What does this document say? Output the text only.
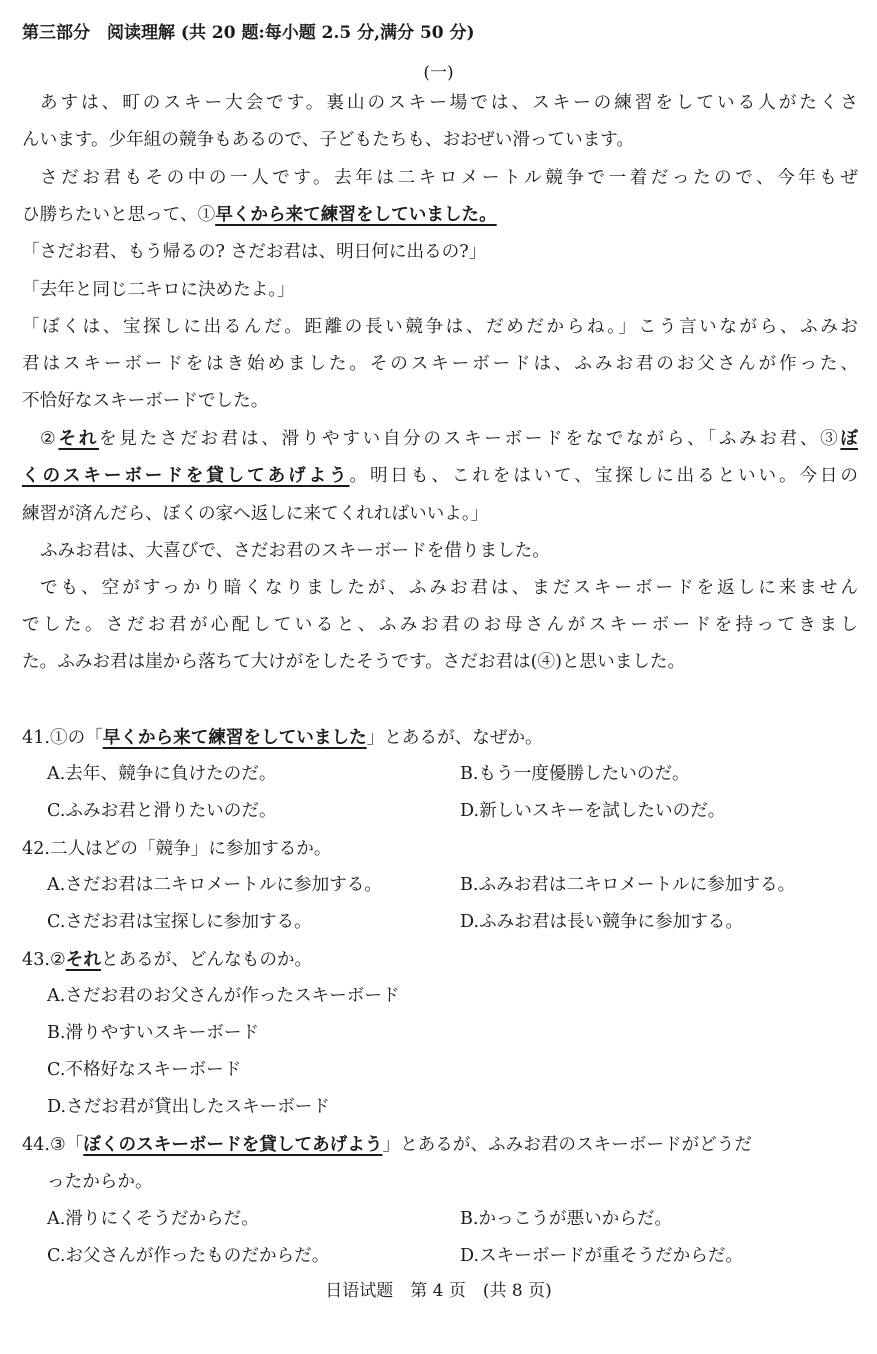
第三部分　阅读理解 (共 20 题:每小题 2.5 分,满分 50 分)
(一)
あすは、町のスキー大会です。裏山のスキー場では、スキーの練習をしている人がたくさ
んいます。少年組の競争もあるので、子どもたちも、おおぜい滑っています。
さだお君もその中の一人です。去年は二キロメートル競争で一着だったので、今年もぜ
ひ勝ちたいと思って、①早くから来て練習をしていました。
「さだお君、もう帰るの? さだお君は、明日何に出るの?」
「去年と同じ二キロに決めたよ。」
「ぼくは、宝探しに出るんだ。距離の長い競争は、だめだからね。」こう言いながら、ふみお
君はスキーボードをはき始めました。そのスキーボードは、ふみお君のお父さんが作った、
不恰好なスキーボードでした。
②それを見たさだお君は、滑りやすい自分のスキーボードをなでながら、「ふみお君、③ぼ
くのスキーボードを貸してあげよう。明日も、これをはいて、宝探しに出るといい。今日の
練習が済んだら、ぼくの家へ返しに来てくれればいいよ。」
ふみお君は、大喜びで、さだお君のスキーボードを借りました。
でも、空がすっかり暗くなりましたが、ふみお君は、まだスキーボードを返しに来ません
でした。さだお君が心配していると、ふみお君のお母さんがスキーボードを持ってきまし
た。ふみお君は崖から落ちて大けがをしたそうです。さだお君は(④)と思いました。
41.①の「早くから来て練習をしていました」とあるが、なぜか。
A.去年、競争に負けたのだ。	B.もう一度優勝したいのだ。
C.ふみお君と滑りたいのだ。	D.新しいスキーを試したいのだ。
42.二人はどの「競争」に参加するか。
A.さだお君は二キロメートルに参加する。	B.ふみお君は二キロメートルに参加する。
C.さだお君は宝探しに参加する。	D.ふみお君は長い競争に参加する。
43.②それとあるが、どんなものか。
A.さだお君のお父さんが作ったスキーボード
B.滑りやすいスキーボード
C.不格好なスキーボード
D.さだお君が貸出したスキーボード
44.③「ぼくのスキーボードを貸してあげよう」とあるが、ふみお君のスキーボードがどうだ
ったからか。
A.滑りにくそうだからだ。	B.かっこうが悪いからだ。
C.お父さんが作ったものだからだ。	D.スキーボードが重そうだからだ。
日语试题　第 4 页　(共 8 页)
